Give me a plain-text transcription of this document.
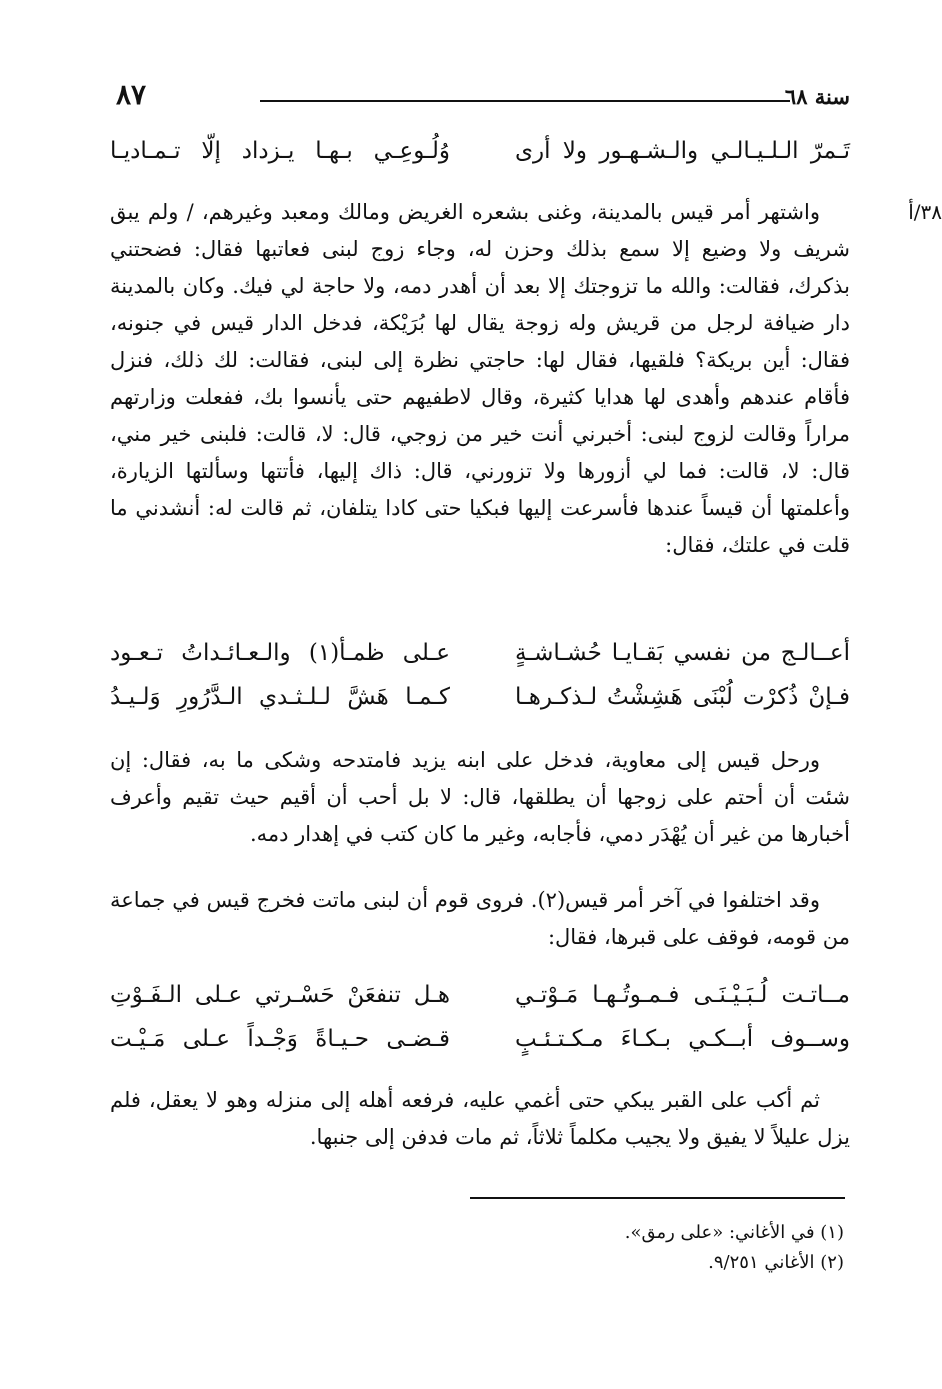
٨٧	سنة ٦٨
تَـمرّ الـلـيـالـي والـشـهـور ولا أرى
وُلُـوعِـي بـهـا يـزداد إلّا تـمـاديـا
٣٨/أ

واشتهر أمر قيس بالمدينة، وغنى بشعره الغريض ومالك ومعبد وغيرهم، / ولم يبق شريف ولا وضيع إلا سمع بذلك وحزن له، وجاء زوج لبنى فعاتبها فقال: فضحتني بذكرك، فقالت: والله ما تزوجتك إلا بعد أن أهدر دمه، ولا حاجة لي فيك. وكان بالمدينة دار ضيافة لرجل من قريش وله زوجة يقال لها بُرَيْكة، فدخل الدار قيس في جنونه، فقال: أين بريكة؟ فلقيها، فقال لها: حاجتي نظرة إلى لبنى، فقالت: لك ذلك، فنزل فأقام عندهم وأهدى لها هدايا كثيرة، وقال لاطفيهم حتى يأنسوا بك، ففعلت وزارتهم مراراً وقالت لزوج لبنى: أخبرني أنت خير من زوجي، قال: لا، قالت: فلبنى خير مني، قال: لا، قالت: فما لي أزورها ولا تزورني، قال: ذاك إليها، فأتتها وسألتها الزيارة، وأعلمتها أن قيساً عندها فأسرعت إليها فبكيا حتى كادا يتلفان، ثم قالت له: أنشدني ما قلت في علتك، فقال:

أعــالـج من نفسي بَقـايـا حُشـاشـةٍ
عـلى ظمـأ(١) والـعـائـداتُ تـعـود
فـإنْ ذُكرْت لُبْنَى هَشِشْتُ لـذكـرهـا
كـمـا هَشَّ لـلـثـدي الـدَّرُورِ وَلـيـدُ

ورحل قيس إلى معاوية، فدخل على ابنه يزيد فامتدحه وشكى ما به، فقال: إن شئت أن أحتم على زوجها أن يطلقها، قال: لا بل أحب أن أقيم حيث تقيم وأعرف أخبارها من غير أن يُهْدَر دمي، فأجابه، وغير ما كان كتب في إهدار دمه.

وقد اختلفوا في آخر أمر قيس(٢). فروى قوم أن لبنى ماتت فخرج قيس في جماعة من قومه، فوقف على قبرها، فقال:

مــاتـت لُـبَـيْـنَـى فـمـوتُـهـا مَـوْتـي
هـل تنفعَنْ حَسْـرتي عـلى الـفَـوْتِ
وســوف أبــكـي بـكـاءَ مـكـتـئـبٍ
قـضـى حـيـاةً وَجْـداً عـلى مَـيْـت

ثم أكب على القبر يبكي حتى أغمي عليه، فرفعه أهله إلى منزله وهو لا يعقل، فلم يزل عليلاً لا يفيق ولا يجيب مكلماً ثلاثاً، ثم مات فدفن إلى جنبها.

(١) في الأغاني: «على رمق».
(٢) الأغاني ٩/٢٥١.
